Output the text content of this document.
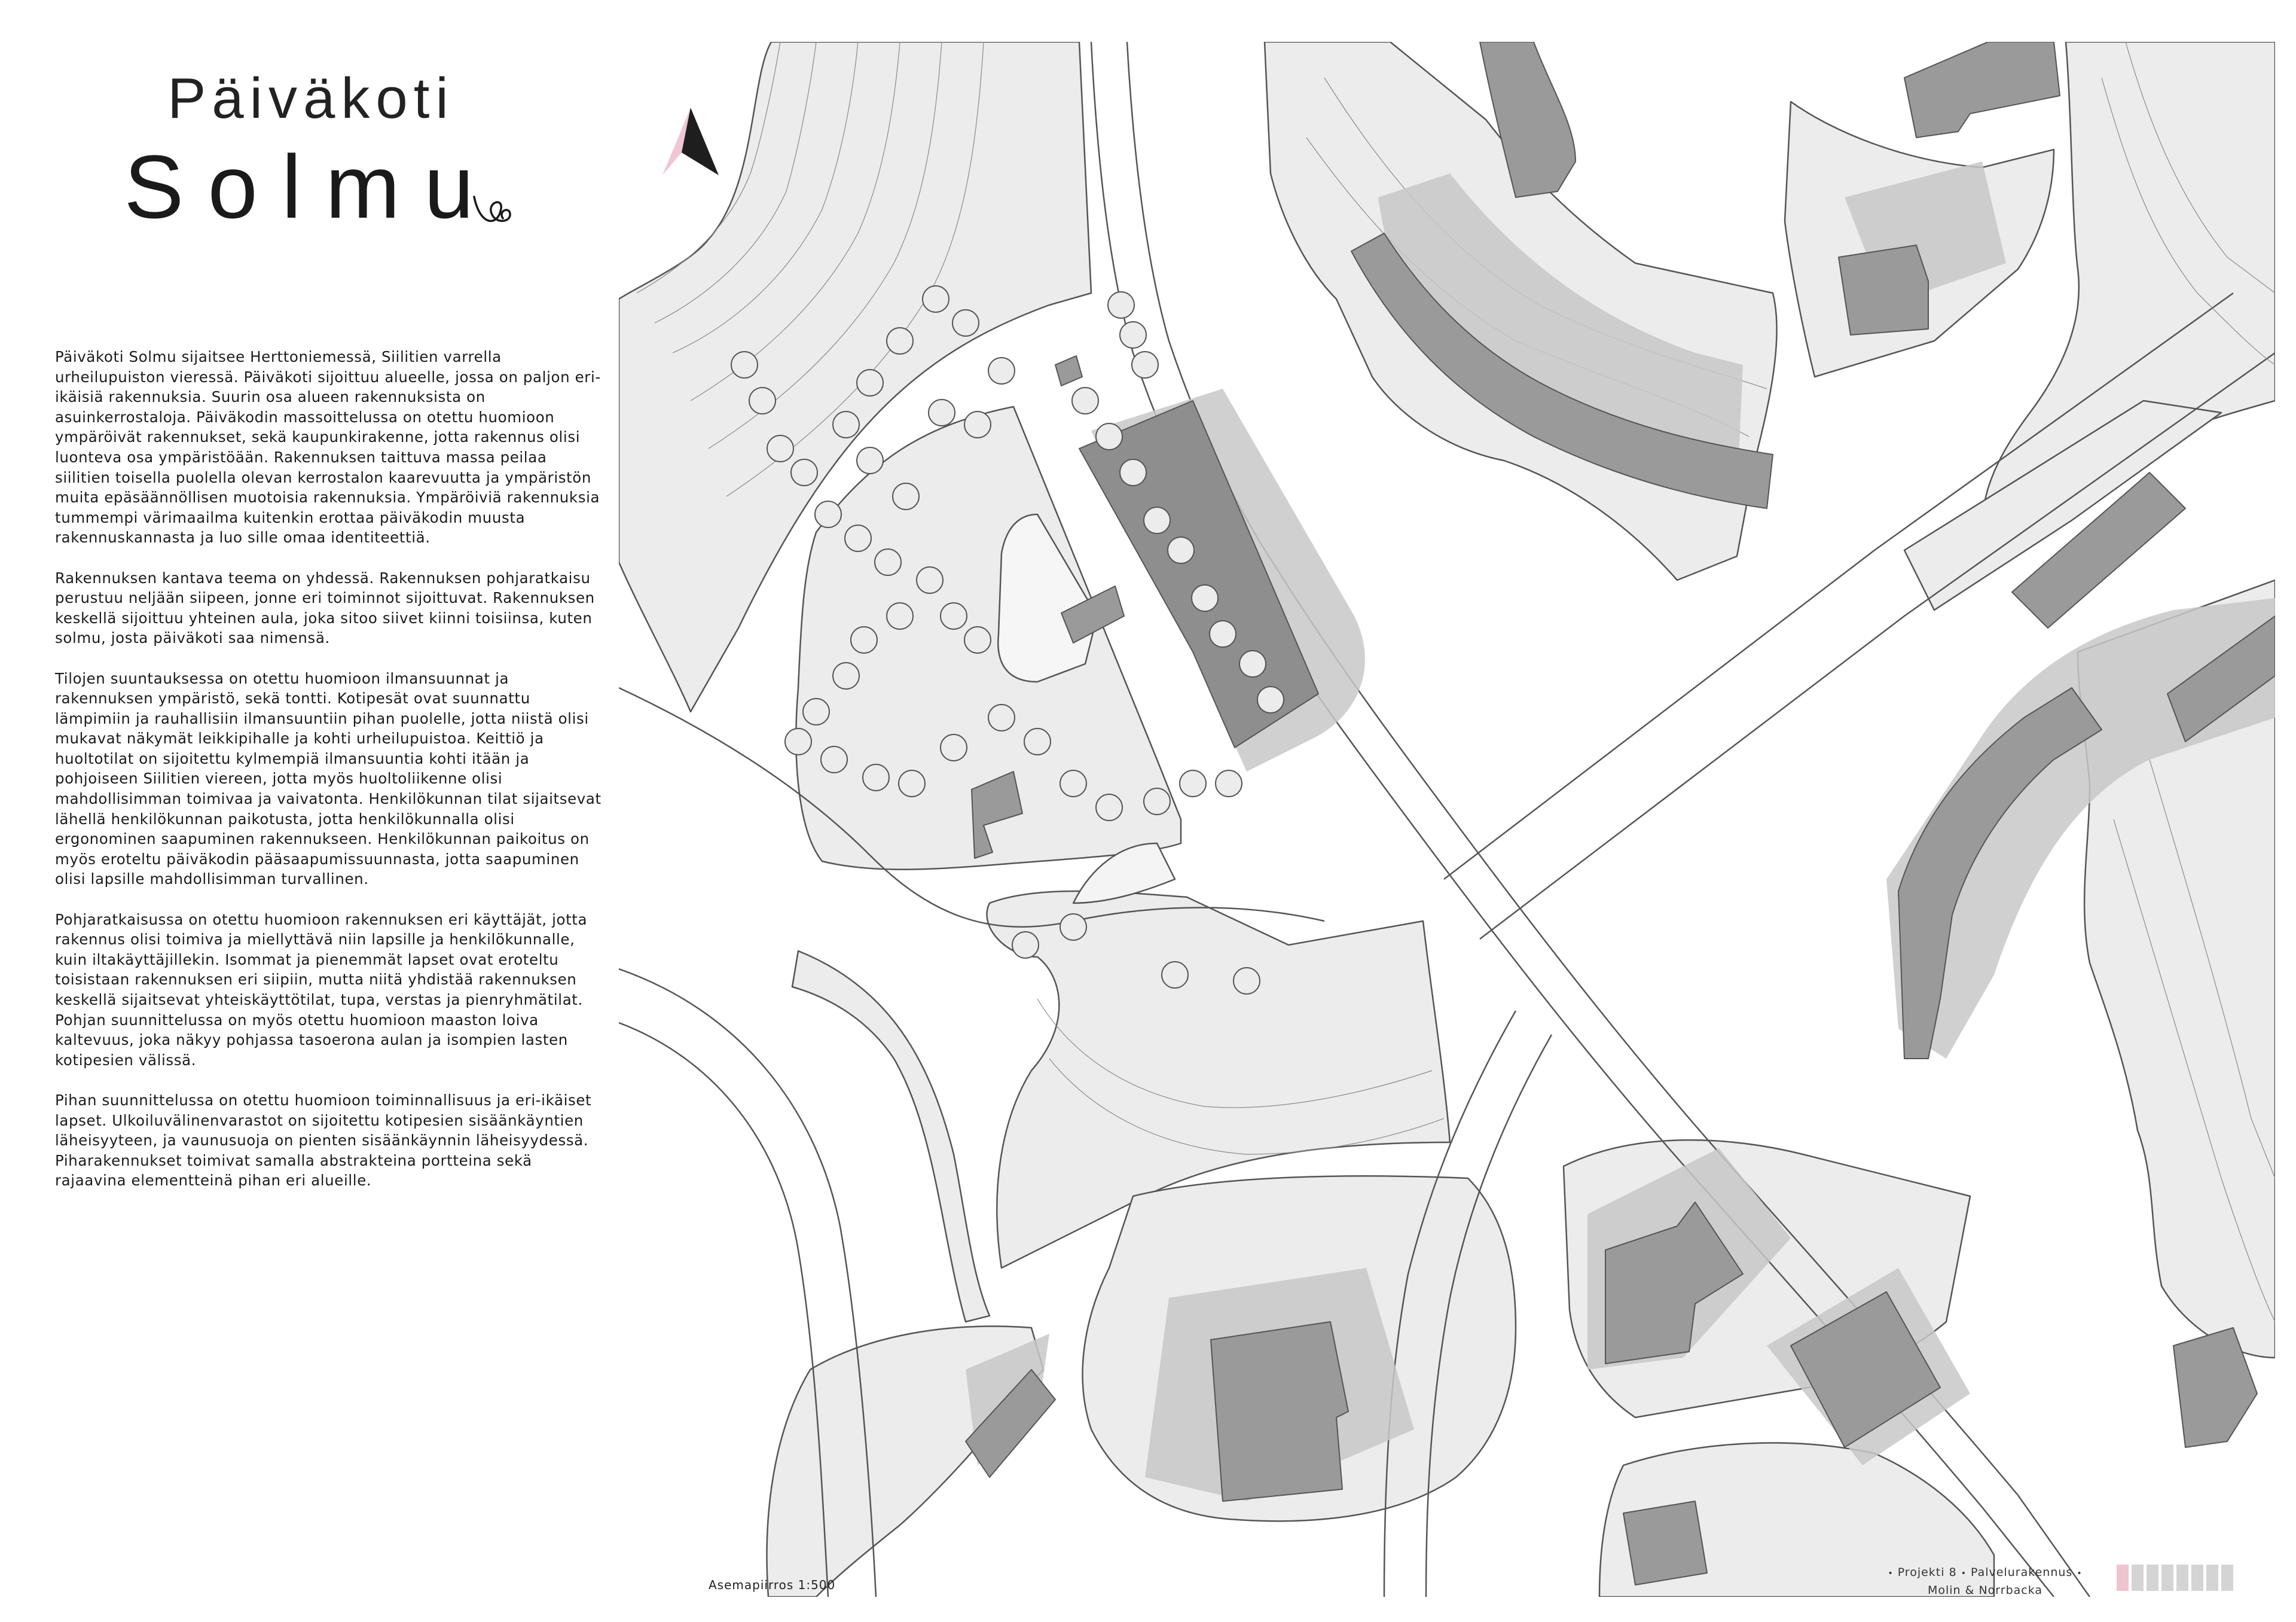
Päiväkoti
Solmu

Päiväkoti Solmu sijaitsee Herttoniemessä, Siilitien varrella urheilupuiston vieressä. Päiväkoti sijoittuu alueelle, jossa on paljon eri-ikäisiä rakennuksia. Suurin osa alueen rakennuksista on asuinkerrostaloja. Päiväkodin massoittelussa on otettu huomioon ympäröivät rakennukset, sekä kaupunkirakenne, jotta rakennus olisi luonteva osa ympäristöään. Rakennuksen taittuva massa peilaa siilitien toisella puolella olevan kerrostalon kaarevuutta ja ympäristön muita epäsäännöllisen muotoisia rakennuksia. Ympäröiviä rakennuksia tummempi värimaailma kuitenkin erottaa päiväkodin muusta rakennuskannasta ja luo sille omaa identiteettiä.

Rakennuksen kantava teema on yhdessä. Rakennuksen pohjaratkaisu perustuu neljään siipeen, jonne eri toiminnot sijoittuvat. Rakennuksen keskellä sijoittuu yhteinen aula, joka sitoo siivet kiinni toisiinsa, kuten solmu, josta päiväkoti saa nimensä.

Tilojen suuntauksessa on otettu huomioon ilmansuunnat ja rakennuksen ympäristö, sekä tontti. Kotipesät ovat suunnattu lämpimiin ja rauhallisiin ilmansuuntiin pihan puolelle, jotta niistä olisi mukavat näkymät leikkipihalle ja kohti urheilupuistoa. Keittiö ja huoltotilat on sijoitettu kylmempiä ilmansuuntia kohti itään ja pohjoiseen Siilitien viereen, jotta myös huoltoliikenne olisi mahdollisimman toimivaa ja vaivatonta. Henkilökunnan tilat sijaitsevat lähellä henkilökunnan paikotusta, jotta henkilökunnalla olisi ergonominen saapuminen rakennukseen. Henkilökunnan paikoitus on myös eroteltu päiväkodin pääsaapumissuunnasta, jotta saapuminen olisi lapsille mahdollisimman turvallinen.

Pohjaratkaisussa on otettu huomioon rakennuksen eri käyttäjät, jotta rakennus olisi toimiva ja miellyttävä niin lapsille ja henkilökunnalle, kuin iltakäyttäjillekin. Isommat ja pienemmät lapset ovat eroteltu toisistaan rakennuksen eri siipiin, mutta niitä yhdistää rakennuksen keskellä sijaitsevat yhteiskäyttötilat, tupa, verstas ja pienryhmätilat. Pohjan suunnittelussa on myös otettu huomioon maaston loiva kaltevuus, joka näkyy pohjassa tasoerona aulan ja isompien lasten kotipesien välissä.

Pihan suunnittelussa on otettu huomioon toiminnallisuus ja eri-ikäiset lapset. Ulkoiluvälinenvarastot on sijoitettu kotipesien sisäänkäyntien läheisyyteen, ja vaunusuoja on pienten sisäänkäynnin läheisyydessä. Piharakennukset toimivat samalla abstrakteina portteina sekä rajaavina elementteinä pihan eri alueille.

Asemapiirros 1:500
• Projekti 8 • Palvelurakennus •
Molin & Norrbacka
